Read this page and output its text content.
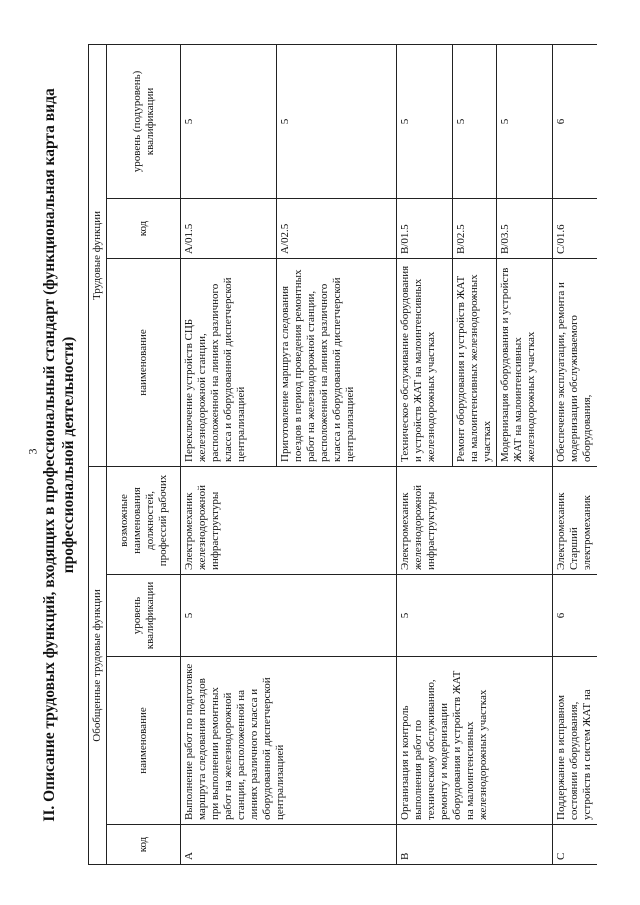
3 II. Описание трудовых функций, входящих в профессиональный стандарт (функциональная карта вида профессиональной деятельности)
Обобщенные трудовые функции				Трудовые функции		
код	наименование	уровень квалификации	возможные наименования должностей, профессий рабочих	наименование	код	уровень (подуровень) квалификации
A	Выполнение работ по подготовке маршрута следования поездов при выполнении ремонтных работ на железнодорожной станции, расположенной на линиях различного класса и оборудованной диспетчерской централизацией	5	Электромеханик железнодорожной инфраструктуры	Переключение устройств СЦБ железнодорожной станции, расположенной на линиях различного класса и оборудованной диспетчерской централизацией	A/01.5	5
				Приготовление маршрута следования поездов в период проведения ремонтных работ на железнодорожной станции, расположенной на линиях различного класса и оборудованной диспетчерской централизацией	A/02.5	5
B	Организация и контроль выполнения работ по техническому обслуживанию, ремонту и модернизации оборудования и устройств ЖАТ на малоинтенсивных железнодорожных участках	5	Электромеханик железнодорожной инфраструктуры	Техническое обслуживание оборудования и устройств ЖАТ на малоинтенсивных железнодорожных участках	B/01.5	5
				Ремонт оборудования и устройств ЖАТ на малоинтенсивных железнодорожных участках	B/02.5	5
				Модернизация оборудования и устройств ЖАТ на малоинтенсивных железнодорожных участках	B/03.5	5
C	Поддержание в исправном состоянии оборудования, устройств и систем ЖАТ на	6	Электромеханик Старший электромеханик	Обеспечение эксплуатации, ремонта и модернизации обслуживаемого оборудования,	C/01.6	6
